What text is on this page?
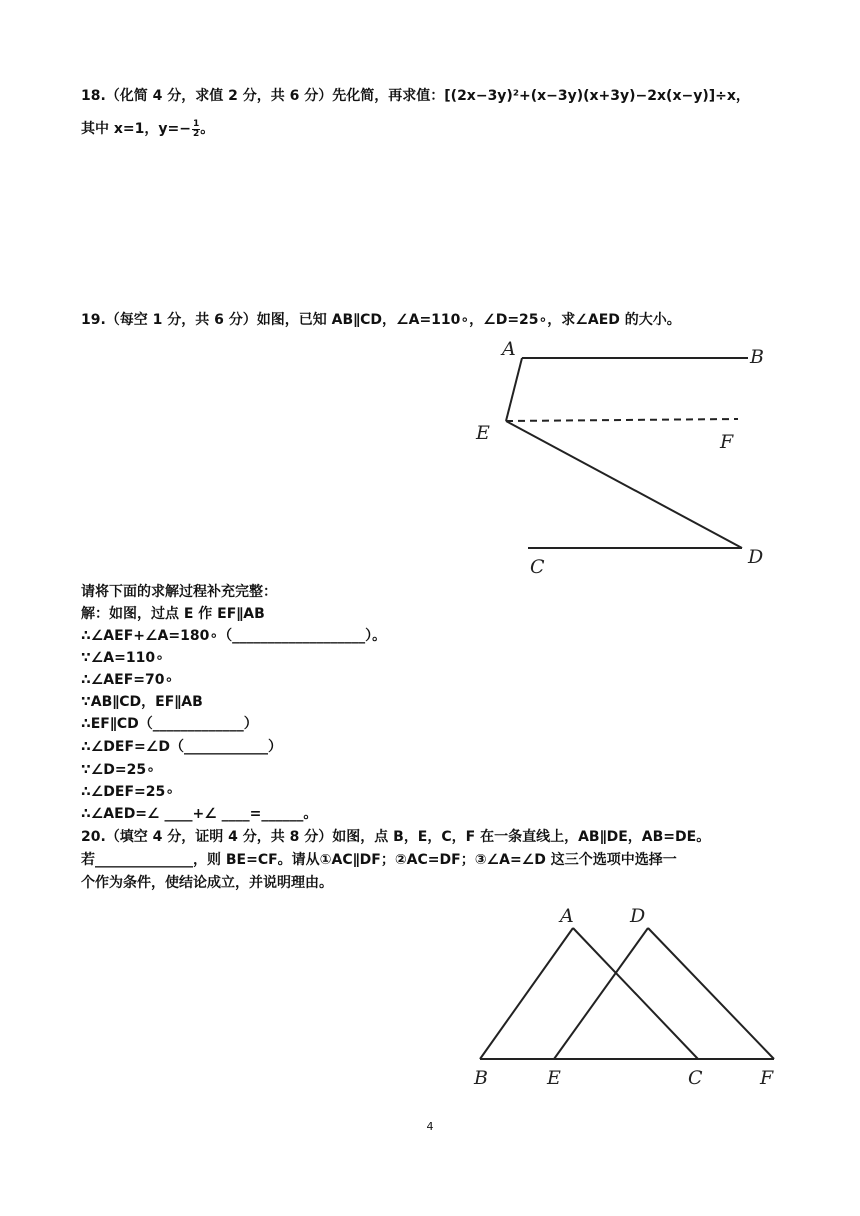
18.（化简 4 分，求值 2 分，共 6 分）先化简，再求值：[(2x−3y)²+(x−3y)(x+3y)−2x(x−y)]÷x，
其中 x=1，$y=- \frac{1}{2}$ 。
19.（每空 1 分，共 6 分）如图，已知 AB∥CD，∠A=110∘，∠D=25∘，求∠AED 的大小。
A	B
E	F
C	D
请将下面的求解过程补充完整：
解：如图，过点 E 作 EF∥AB
∴∠AEF+∠A=180∘（___________________）。
∵∠A=110∘
∴∠AEF=70∘
∵AB∥CD，EF∥AB
∴EF∥CD（_____________）
∴∠DEF=∠D（____________）
∵∠D=25∘
∴∠DEF=25∘
∴∠AED=∠ ____+∠ ____=______。
20.（填空 4 分，证明 4 分，共 8 分）如图，点 B，E，C，F 在一条直线上，AB∥DE，AB=DE。
若______________，则 BE=CF。请从①AC∥DF；②AC=DF；③∠A=∠D 这三个选项中选择一
个作为条件，使结论成立，并说明理由。
A	D
B	E	C	F
4
